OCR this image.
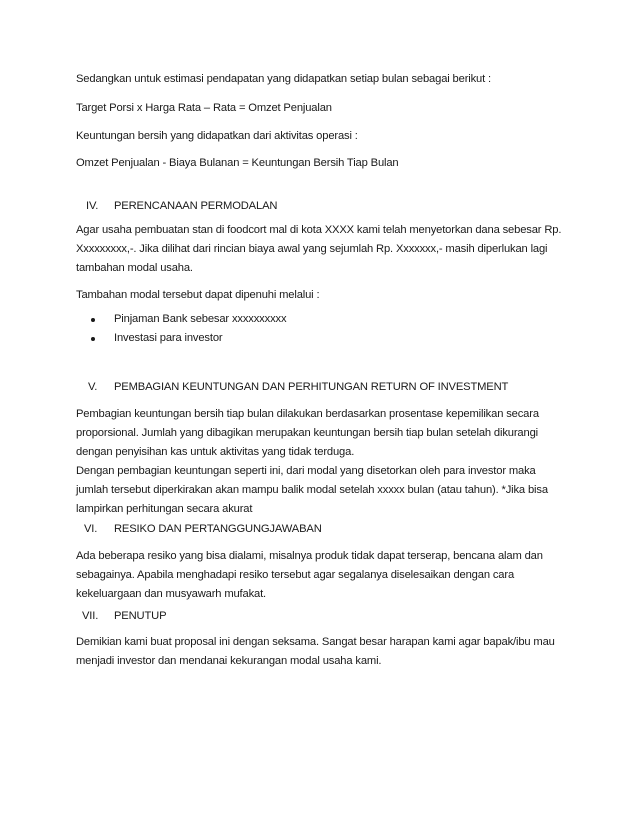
Sedangkan untuk estimasi pendapatan yang didapatkan setiap bulan sebagai berikut :
Target Porsi x Harga Rata – Rata = Omzet Penjualan
Keuntungan bersih yang didapatkan dari aktivitas operasi :
Omzet Penjualan - Biaya Bulanan = Keuntungan Bersih Tiap Bulan
IV. PERENCANAAN PERMODALAN
Agar usaha pembuatan stan di foodcort mal di kota XXXX kami telah menyetorkan dana sebesar Rp. Xxxxxxxxx,-. Jika dilihat dari rincian biaya awal yang sejumlah Rp. Xxxxxxx,- masih diperlukan lagi tambahan modal usaha.
Tambahan modal tersebut dapat dipenuhi melalui :
Pinjaman Bank sebesar xxxxxxxxxx
Investasi para investor
V. PEMBAGIAN KEUNTUNGAN DAN PERHITUNGAN RETURN OF INVESTMENT
Pembagian keuntungan bersih tiap bulan dilakukan berdasarkan prosentase kepemilikan secara proporsional. Jumlah yang dibagikan merupakan keuntungan bersih tiap bulan setelah dikurangi dengan penyisihan kas untuk aktivitas yang tidak terduga.
Dengan pembagian keuntungan seperti ini, dari modal yang disetorkan oleh para investor maka jumlah tersebut diperkirakan akan mampu balik modal setelah xxxxx bulan (atau tahun). *Jika bisa lampirkan perhitungan secara akurat
VI. RESIKO DAN PERTANGGUNGJAWABAN
Ada beberapa resiko yang bisa dialami, misalnya produk tidak dapat terserap, bencana alam dan sebagainya. Apabila menghadapi resiko tersebut agar segalanya diselesaikan dengan cara kekeluargaan dan musyawarh mufakat.
VII. PENUTUP
Demikian kami buat proposal ini dengan seksama. Sangat besar harapan kami agar bapak/ibu mau menjadi investor dan mendanai kekurangan modal usaha kami.
